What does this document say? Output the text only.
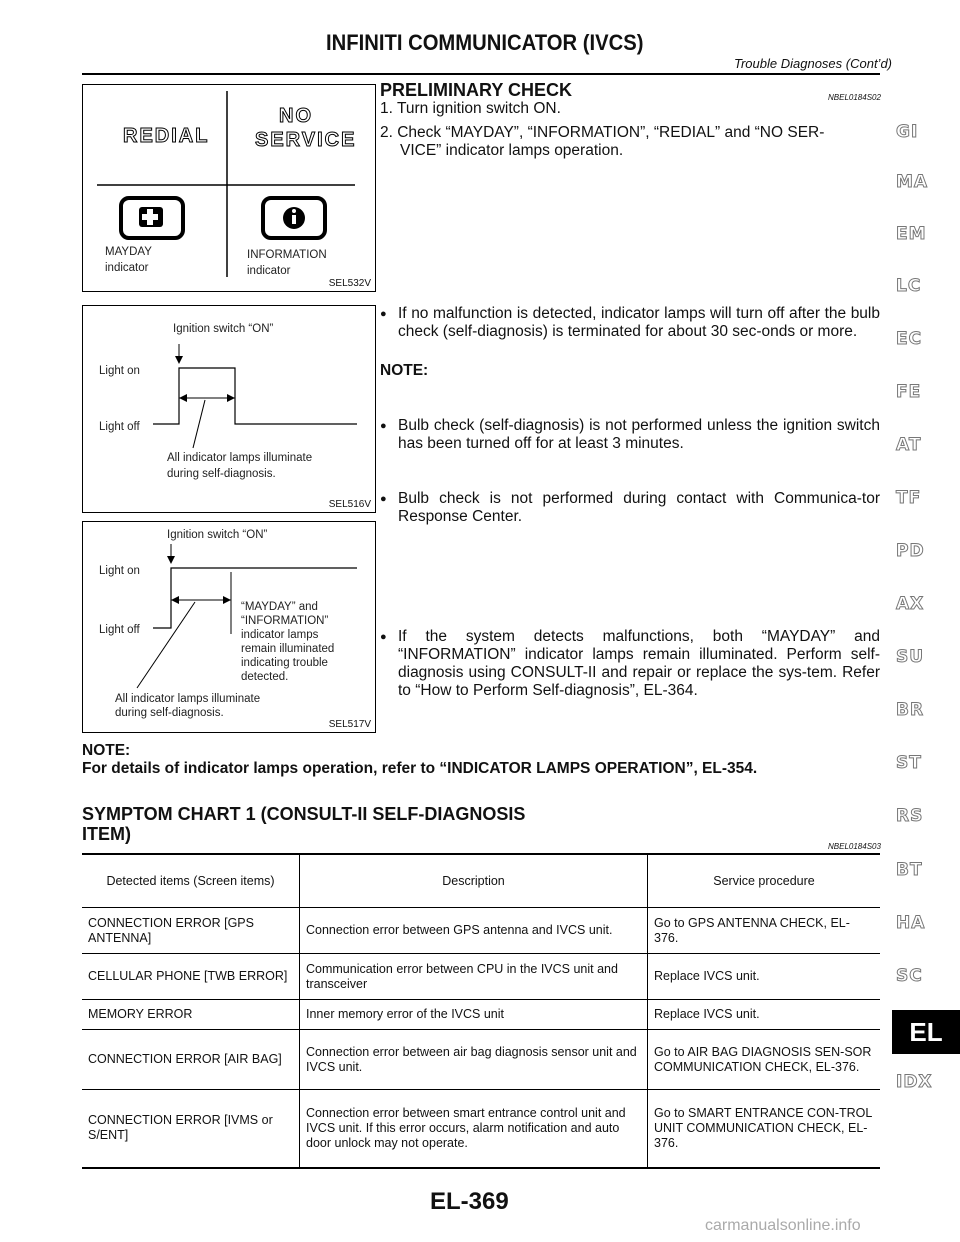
INFINITI COMMUNICATOR (IVCS)
Trouble Diagnoses (Cont’d)
REDIAL
NO
SERVICE
MAYDAY
indicator
INFORMATION
indicator
SEL532V
Ignition switch “ON”
Light on
Light off
All indicator lamps illuminate
during self-diagnosis.
SEL516V
Ignition switch “ON”
Light on
Light off
“MAYDAY” and
“INFORMATION”
indicator lamps
remain illuminated
indicating trouble
detected.
All indicator lamps illuminate
during self-diagnosis.
SEL517V
PRELIMINARY CHECK	NBEL0184S02
1. Turn ignition switch ON.
2. Check “MAYDAY”, “INFORMATION”, “REDIAL” and “NO SER-
VICE” indicator lamps operation.
● If no malfunction is detected, indicator lamps will turn off after the bulb check (self-diagnosis) is terminated for about 30 sec-onds or more.
NOTE:
● Bulb check (self-diagnosis) is not performed unless the ignition switch has been turned off for at least 3 minutes.
● Bulb check is not performed during contact with Communica-tor Response Center.
● If the system detects malfunctions, both “MAYDAY” and “INFORMATION” indicator lamps remain illuminated. Perform self-diagnosis using CONSULT-II and repair or replace the sys-tem. Refer to “How to Perform Self-diagnosis”, EL-364.
NOTE:
For details of indicator lamps operation, refer to “INDICATOR LAMPS OPERATION”, EL-354.
SYMPTOM CHART 1 (CONSULT-II SELF-DIAGNOSIS
ITEM)
NBEL0184S03
Detected items (Screen items)	Description	Service procedure
CONNECTION ERROR [GPS ANTENNA]	Connection error between GPS antenna and IVCS unit.	Go to GPS ANTENNA CHECK, EL-376.
CELLULAR PHONE [TWB ERROR]	Communication error between CPU in the IVCS unit and transceiver	Replace IVCS unit.
MEMORY ERROR	Inner memory error of the IVCS unit	Replace IVCS unit.
CONNECTION ERROR [AIR BAG]	Connection error between air bag diagnosis sensor unit and IVCS unit.	Go to AIR BAG DIAGNOSIS SEN-SOR COMMUNICATION CHECK, EL-376.
CONNECTION ERROR [IVMS or S/ENT]	Connection error between smart entrance control unit and IVCS unit. If this error occurs, alarm notification and auto door unlock may not operate.	Go to SMART ENTRANCE CON-TROL UNIT COMMUNICATION CHECK, EL-376.
GI
MA
EM
LC
EC
FE
AT
TF
PD
AX
SU
BR
ST
RS
BT
HA
SC
EL
IDX
EL-369
carmanualsonline.info
